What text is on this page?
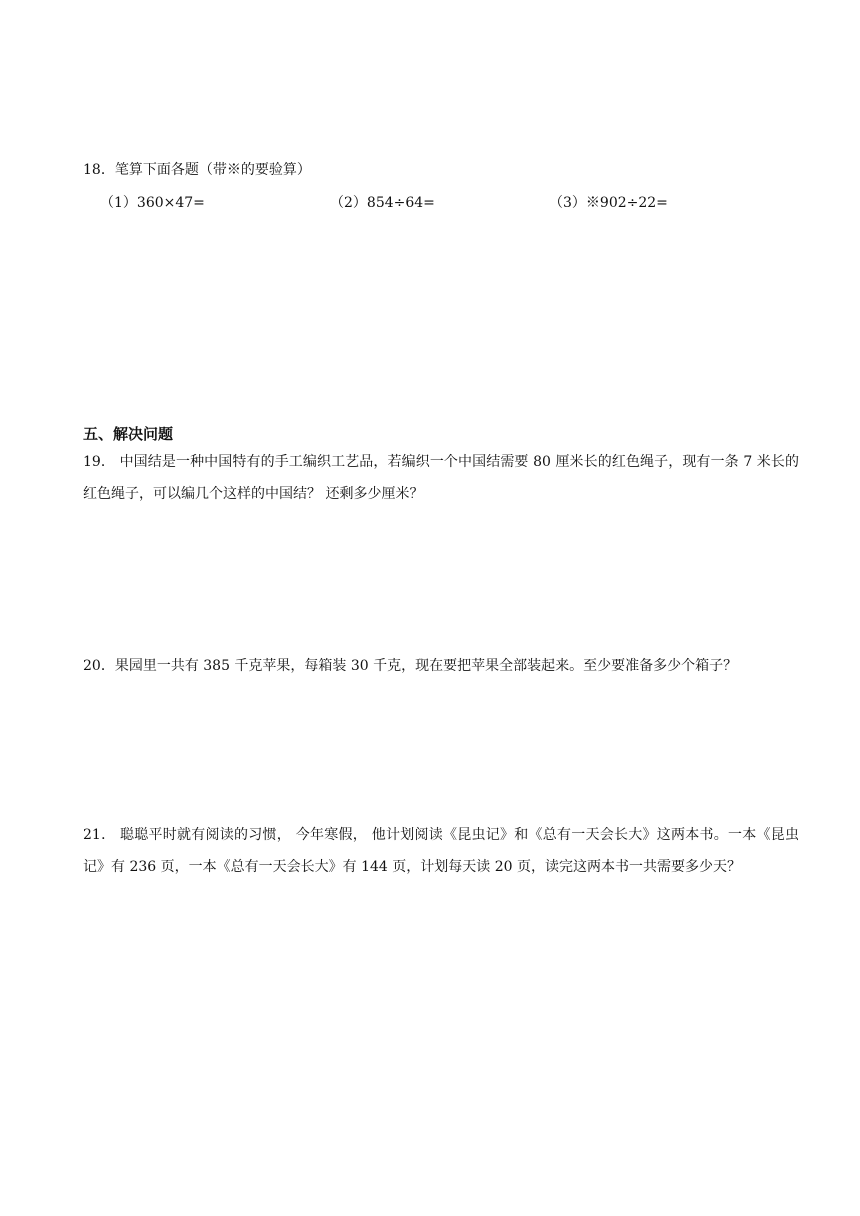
18．笔算下面各题（带※的要验算）
（1）360×47=	（2）854÷64=	（3）※902÷22=
五、解决问题
19． 中国结是一种中国特有的手工编织工艺品，若编织一个中国结需要 80 厘米长的红色绳子，现有一条 7 米长的红色绳子，可以编几个这样的中国结？ 还剩多少厘米？
20．果园里一共有 385 千克苹果，每箱装 30 千克，现在要把苹果全部装起来。至少要准备多少个箱子？
21． 聪聪平时就有阅读的习惯， 今年寒假， 他计划阅读《昆虫记》和《总有一天会长大》这两本书。一本《昆虫记》有 236 页，一本《总有一天会长大》有 144 页，计划每天读 20 页，读完这两本书一共需要多少天？
